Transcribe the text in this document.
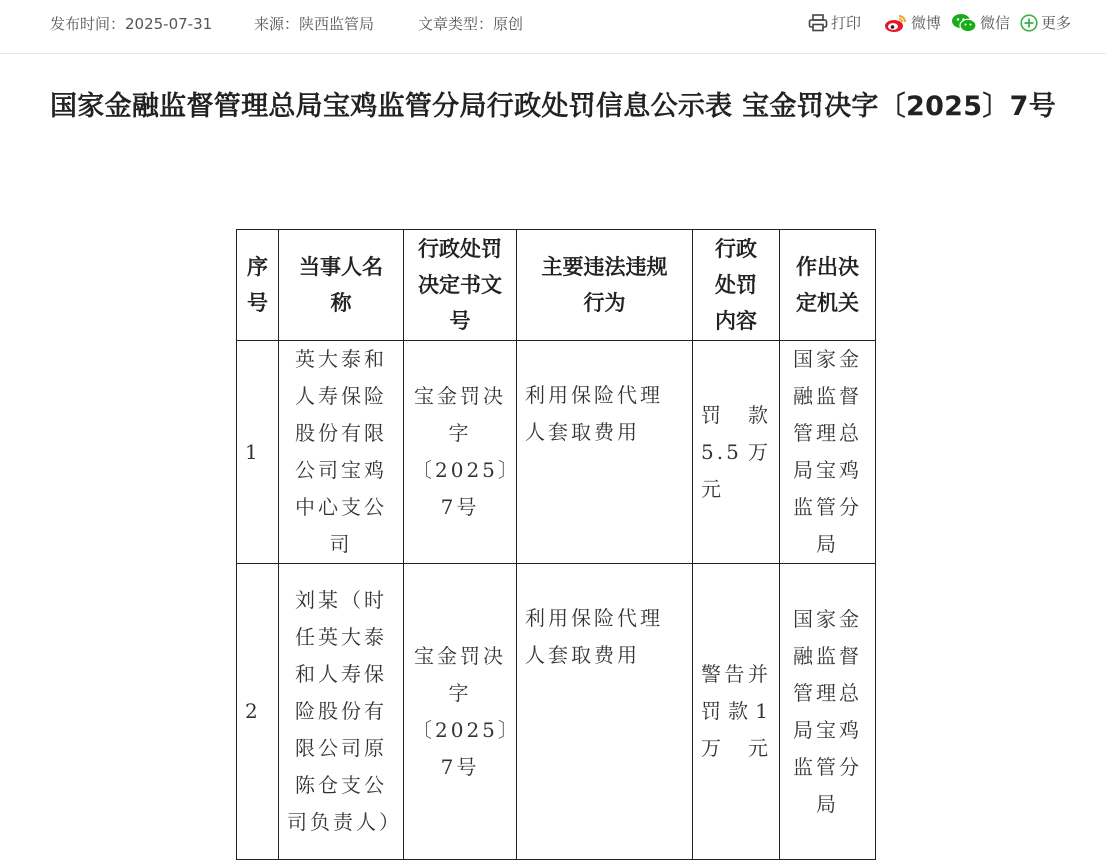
发布时间：2025-07-31	来源：陕西监管局	文章类型：原创	打印	微博	微信 更多
国家金融监督管理总局宝鸡监管分局行政处罚信息公示表 宝金罚决字〔2025〕7号
序号	当事人名称	行政处罚决定书文号	主要违法违规行为	行政处罚内容	作出决定机关
1	英大泰和人寿保险股份有限公司宝鸡中心支公司	宝金罚决字〔2025〕7号	利用保险代理人套取费用	罚款5.5万元	国家金融监督管理总局宝鸡监管分局
2	刘某（时任英大泰和人寿保险股份有限公司原陈仓支公司负责人）	宝金罚决字〔2025〕7号	利用保险代理人套取费用	警告并罚款1万元	国家金融监督管理总局宝鸡监管分局
